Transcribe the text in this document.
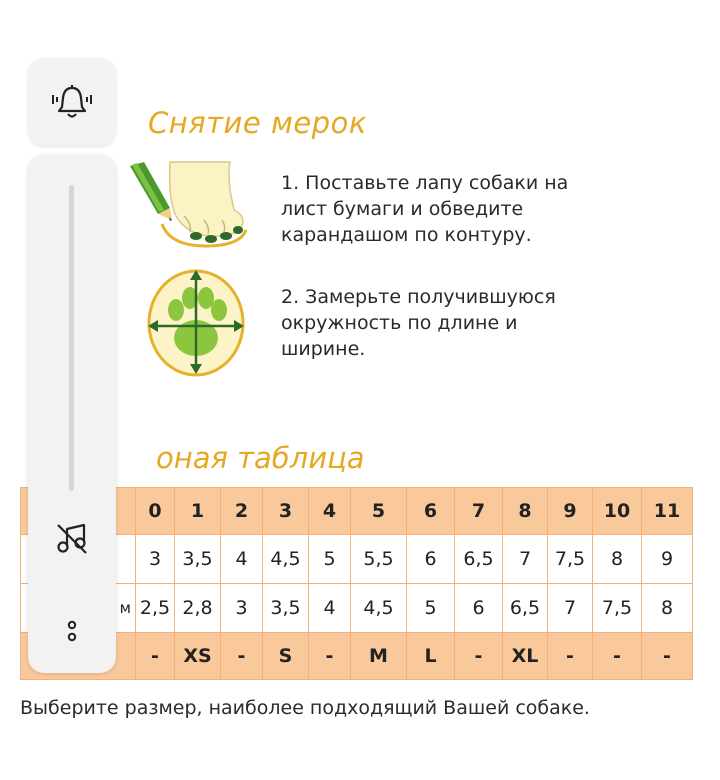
Снятие мерок
1. Поставьте лапу собаки на лист бумаги и обведите карандашом по контуру.
2. Замерьте получившуюся окружность по длине и ширине.
оная таблица
	0	1	2	3	4	5	6	7	8	9	10	11
	3	3,5	4	4,5	5	5,5	6	6,5	7	7,5	8	9
м	2,5	2,8	3	3,5	4	4,5	5	6	6,5	7	7,5	8
	-	XS	-	S	-	M	L	-	XL	-	-	-
Выберите размер, наиболее подходящий Вашей собаке.
